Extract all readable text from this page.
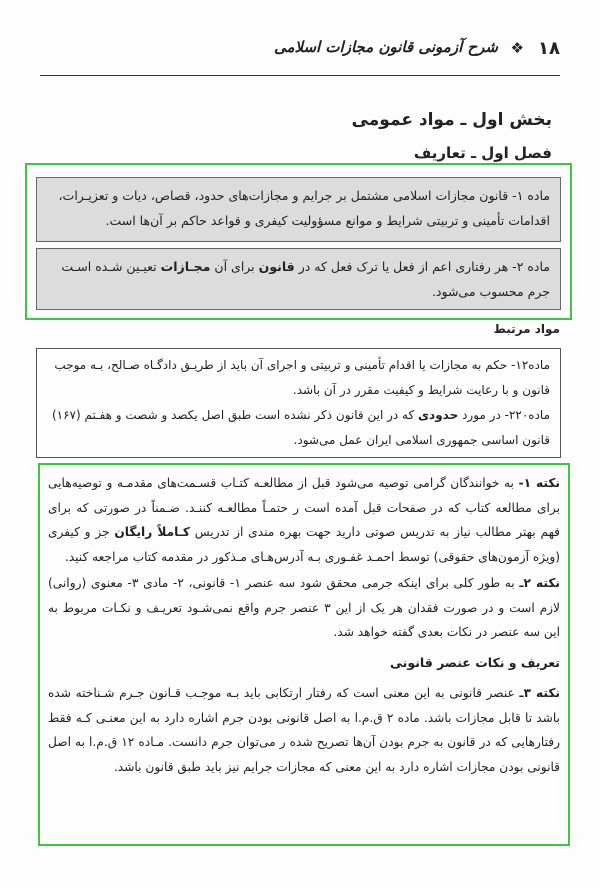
۱۸
❖
شرح آزمونی قانون مجازات اسلامی
بخش اول ـ مواد عمومی
فصل اول ـ تعاریف
ماده ۱- قانون مجازات اسلامی مشتمل بر جرایم و مجازات‌های حدود، قصاص، دیات و تعزیـرات، اقدامات تأمینی و تربیتی شرایط و موانع مسؤولیت کیفری و قواعد حاکم بر آن‌ها است.
ماده ۲- هر رفتاری اعم از فعل یا ترک فعل که در قانون برای آن مجـازات تعیـین شـده اسـت جرم محسوب می‌شود.
مواد مرتبط
ماده۱۲- حکم به مجازات یا اقدام تأمینی و تربیتی و اجرای آن باید از طریـق دادگـاه صـالح، بـه موجب قانون و با رعایت شرایط و کیفیت مقرر در آن باشد.
ماده۲۲۰- در مورد حدودی که در این قانون ذکر نشده است طبق اصل یکصد و شصت و هفـتم (۱۶۷) قانون اساسی جمهوری اسلامی ایران عمل می‌شود.

نکته ۱- به خوانندگان گرامی توصیه می‌شود قبل از مطالعـه کتـاب قسـمت‌های مقدمـه و توصیه‌هایی برای مطالعه کتاب که در صفحات قبل آمده است ر حتمـاً مطالعـه کننـد. ضـمناً در صورتی که برای فهم بهتر مطالب نیاز به تدریس صوتی دارید جهت بهره مندی از تدریس کـاملاً رایگان جز و کیفری (ویژه آزمون‌های حقوقی) توسط احمـد غفـوری بـه آدرس‌هـای مـذکور در مقدمه کتاب مراجعه کنید.

نکته ۲ـ به طور کلی برای اینکه جرمی محقق شود سه عنصر ۱- قانونی، ۲- مادی ۳- معنوی (روانی) لازم است و در صورت فقدان هر یک از این ۳ عنصر جرم واقع نمی‌شـود تعریـف و نکـات مربوط به این سه عنصر در نکات بعدی گفته خواهد شد.

تعریف و نکات عنصر قانونی

نکته ۳ـ عنصر قانونی به این معنی است که رفتار ارتکابی باید بـه موجـب قـانون جـرم شـناخته شده باشد تا قابل مجازات باشد. ماده ۲ ق.م.ا به اصل قانونی بودن جرم اشاره دارد به این معنـی کـه فقط رفتارهایی که در قانون به جرم بودن آن‌ها تصریح شده ر می‌توان جرم دانست. مـاده ۱۲ ق.م.ا به اصل قانونی بودن مجازات اشاره دارد به این معنی که مجازات جرایم نیز باید طبق قانون باشد.
